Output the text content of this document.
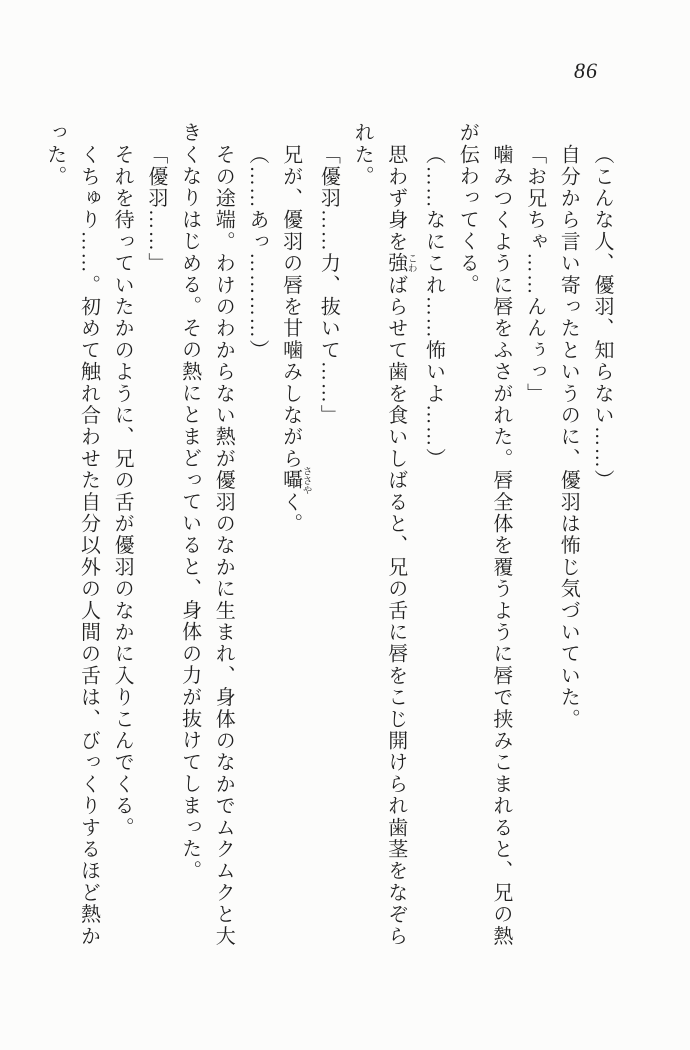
86

（こんな人、優羽、知らない……）

自分から言い寄ったというのに、優羽は怖じ気づいていた。

「お兄ちゃ……んんぅっ」

噛みつくように唇をふさがれた。唇全体を覆うように唇で挟みこまれると、兄の熱が伝わってくる。

（……なにこれ……怖いよ……）

思わず身を強 こわばらせて歯を食いしばると、兄の舌に唇をこじ開けられ歯茎をなぞられた。

「優羽……力、抜いて……」

兄が、優羽の唇を甘噛みしながら囁 ささやく。

（……あっ…………）

その途端。わけのわからない熱が優羽のなかに生まれ、身体のなかでムクムクと大きくなりはじめる。その熱にとまどっていると、身体の力が抜けてしまった。

「優羽……」

それを待っていたかのように、兄の舌が優羽のなかに入りこんでくる。

くちゅり……。初めて触れ合わせた自分以外の人間の舌は、びっくりするほど熱かった。
